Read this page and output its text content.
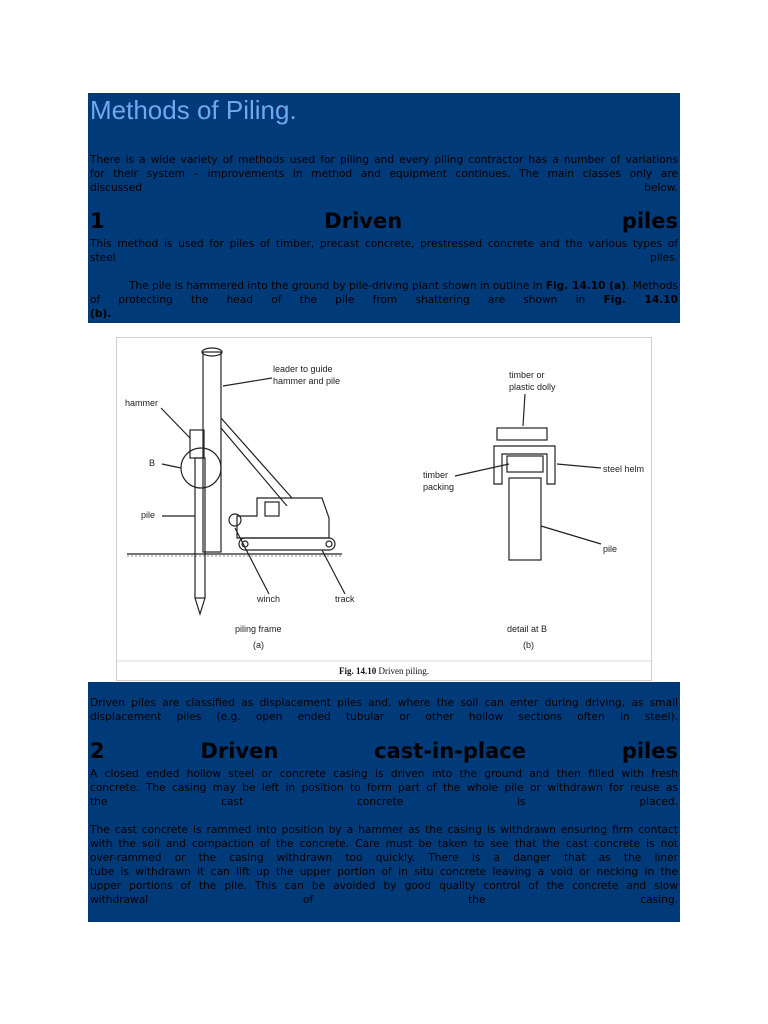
Methods of Piling.

There is a wide variety of methods used for piling and every piling contractor has a number of variations

for their system – improvements in method and equipment continues. The main classes only are

discussed	below.

1	Driven	piles

This method is used for piles of timber, precast concrete, prestressed concrete and the various types of

steel	piles.

The pile is hammered into the ground by pile-driving plant shown in outline in Fig. 14.10 (a). Methods

of protecting the head of the pile from shattering are shown in Fig. 14.10 (b).

leader to guide
hammer and pile
hammer
B
pile
winch	track
piling frame
(a)
timber or
plastic dolly
timber
packing
steel helm
pile
detail at B
(b)
Fig. 14.10 Driven piling.

Driven piles are classified as displacement piles and, where the soil can enter during driving, as small

displacement piles (e.g. open ended tubular or other hollow sections often in steel).

2	Driven	cast-in-place	piles

A closed ended hollow steel or concrete casing is driven into the ground and then filled with fresh

concrete. The casing may be left in position to form part of the whole pile or withdrawn for reuse as

the cast concrete is placed.

The cast concrete is rammed into position by a hammer as the casing is withdrawn ensuring firm contact

with the soil and compaction of the concrete. Care must be taken to see that the cast concrete is not

over-rammed or the casing withdrawn too quickly. There is a danger that as the liner

tube is withdrawn it can lift up the upper portion of in situ concrete leaving a void or necking in the

upper portions of the pile. This can be avoided by good quality control of the concrete and slow

withdrawal of the casing.
